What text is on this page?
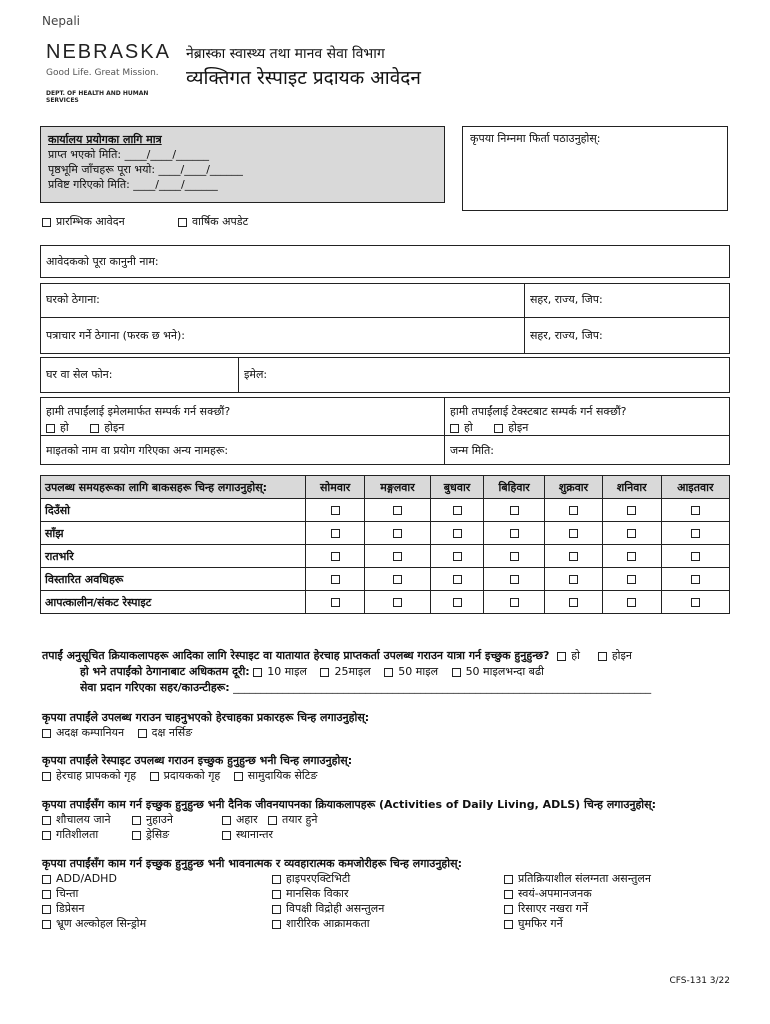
Nepali
NEBRASKA
Good Life. Great Mission.
DEPT. OF HEALTH AND HUMAN SERVICES
नेब्रास्का स्वास्थ्य तथा मानव सेवा विभाग
व्यक्तिगत रेस्पाइट प्रदायक आवेदन
कार्यालय प्रयोगका लागि मात्र
प्राप्त भएको मिति: ____/____/______
पृष्ठभूमि जाँचहरू पूरा भयो: ____/____/______
प्रविष्ट गरिएको मिति: ____/____/______
कृपया निम्नमा फिर्ता पठाउनुहोस्:
प्रारम्भिक आवेदन	वार्षिक अपडेट
आवेदकको पूरा कानुनी नाम:
घरको ठेगाना:	सहर, राज्य, जिप:
पत्राचार गर्ने ठेगाना (फरक छ भने):	सहर, राज्य, जिप:
घर वा सेल फोन:	इमेल:
हामी तपाईंलाई इमेलमार्फत सम्पर्क गर्न सक्छौं?
हो	होइन
हामी तपाईंलाई टेक्स्टबाट सम्पर्क गर्न सक्छौं?
हो	होइन
माइतको नाम वा प्रयोग गरिएका अन्य नामहरू:	जन्म मिति:
उपलब्ध समयहरूका लागि बाकसहरू चिन्ह लगाउनुहोस्:	सोमवार	मङ्गलवार	बुधवार	बिहिवार	शुक्रवार	शनिवार	आइतवार
दिउँसो							
साँझ							
रातभरि							
विस्तारित अवधिहरू							
आपत्कालीन/संकट रेस्पाइट							
तपाईं अनुसूचित क्रियाकलापहरू आदिका लागि रेस्पाइट वा यातायात हेरचाह प्राप्तकर्ता उपलब्ध गराउन यात्रा गर्न इच्छुक हुनुहुन्छ? हो	होइन
हो भने तपाईंको ठेगानाबाट अधिकतम दूरी: 10 माइल	25माइल	50 माइल	50 माइलभन्दा बढी
सेवा प्रदान गरिएका सहर/काउन्टीहरू: ____________________________________________________________________________
कृपया तपाईंले उपलब्ध गराउन चाहनुभएको हेरचाहका प्रकारहरू चिन्ह लगाउनुहोस्:
अदक्ष कम्पानियन	दक्ष नर्सिङ
कृपया तपाईंले रेस्पाइट उपलब्ध गराउन इच्छुक हुनुहुन्छ भनी चिन्ह लगाउनुहोस्:
हेरचाह प्रापकको गृह	प्रदायकको गृह	सामुदायिक सेटिङ
कृपया तपाईंसँग काम गर्न इच्छुक हुनुहुन्छ भनी दैनिक जीवनयापनका क्रियाकलापहरू (Activities of Daily Living, ADLS) चिन्ह लगाउनुहोस्:
शौचालय जाने	नुहाउने	अहार	तयार हुने
गतिशीलता	ड्रेसिङ	स्थानान्तर
कृपया तपाईंसँग काम गर्न इच्छुक हुनुहुन्छ भनी भावनात्मक र व्यवहारात्मक कमजोरीहरू चिन्ह लगाउनुहोस्:
ADD/ADHD
चिन्ता
डिप्रेसन
भ्रूण अल्कोहल सिन्ड्रोम
हाइपरएक्टिभिटी
मानसिक विकार
विपक्षी विद्रोही असन्तुलन
शारीरिक आक्रामकता
प्रतिक्रियाशील संलग्नता असन्तुलन
स्वयं-अपमानजनक
रिसाएर नखरा गर्ने
घुमफिर गर्ने
CFS-131 3/22
